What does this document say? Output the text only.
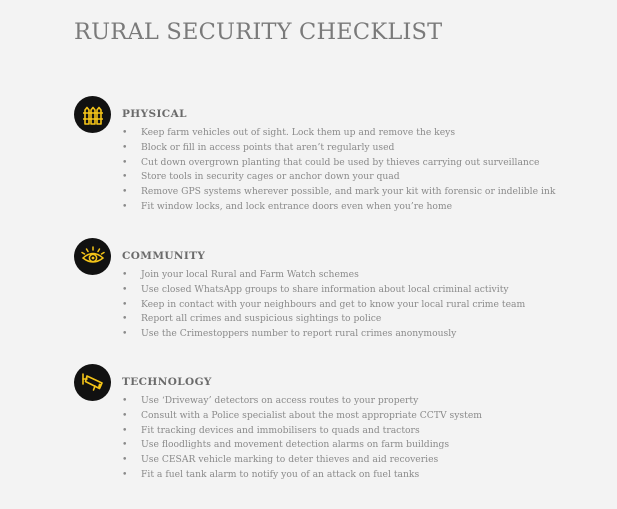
RURAL SECURITY CHECKLIST
PHYSICAL
• Keep farm vehicles out of sight. Lock them up and remove the keys
• Block or fill in access points that aren’t regularly used
• Cut down overgrown planting that could be used by thieves carrying out surveillance
• Store tools in security cages or anchor down your quad
• Remove GPS systems wherever possible, and mark your kit with forensic or indelible ink
• Fit window locks, and lock entrance doors even when you’re home
COMMUNITY
• Join your local Rural and Farm Watch schemes
• Use closed WhatsApp groups to share information about local criminal activity
• Keep in contact with your neighbours and get to know your local rural crime team
• Report all crimes and suspicious sightings to police
• Use the Crimestoppers number to report rural crimes anonymously
TECHNOLOGY
• Use ‘Driveway’ detectors on access routes to your property
• Consult with a Police specialist about the most appropriate CCTV system
• Fit tracking devices and immobilisers to quads and tractors
• Use floodlights and movement detection alarms on farm buildings
• Use CESAR vehicle marking to deter thieves and aid recoveries
• Fit a fuel tank alarm to notify you of an attack on fuel tanks
